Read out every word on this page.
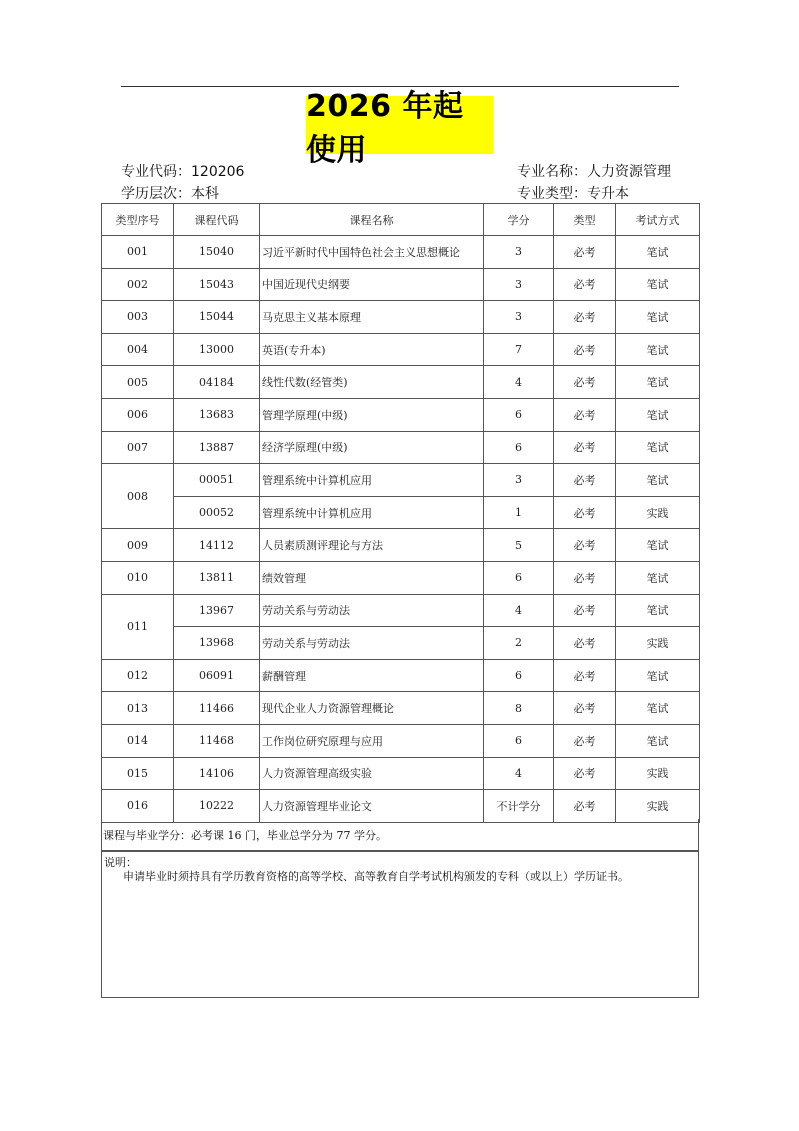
2026 年起使用
专业代码：120206
学历层次：本科
专业名称：人力资源管理
专业类型：专升本
类型序号	课程代码	课程名称	学分	类型	考试方式
001	15040	习近平新时代中国特色社会主义思想概论	3	必考	笔试
002	15043	中国近现代史纲要	3	必考	笔试
003	15044	马克思主义基本原理	3	必考	笔试
004	13000	英语(专升本)	7	必考	笔试
005	04184	线性代数(经管类)	4	必考	笔试
006	13683	管理学原理(中级)	6	必考	笔试
007	13887	经济学原理(中级)	6	必考	笔试
008	00051	管理系统中计算机应用	3	必考	笔试
	00052	管理系统中计算机应用	1	必考	实践
009	14112	人员素质测评理论与方法	5	必考	笔试
010	13811	绩效管理	6	必考	笔试
011	13967	劳动关系与劳动法	4	必考	笔试
	13968	劳动关系与劳动法	2	必考	实践
012	06091	薪酬管理	6	必考	笔试
013	11466	现代企业人力资源管理概论	8	必考	笔试
014	11468	工作岗位研究原理与应用	6	必考	笔试
015	14106	人力资源管理高级实验	4	必考	实践
016	10222	人力资源管理毕业论文	不计学分	必考	实践
课程与毕业学分：必考课 16 门，毕业总学分为 77 学分。
说明：
申请毕业时须持具有学历教育资格的高等学校、高等教育自学考试机构颁发的专科（或以上）学历证书。
